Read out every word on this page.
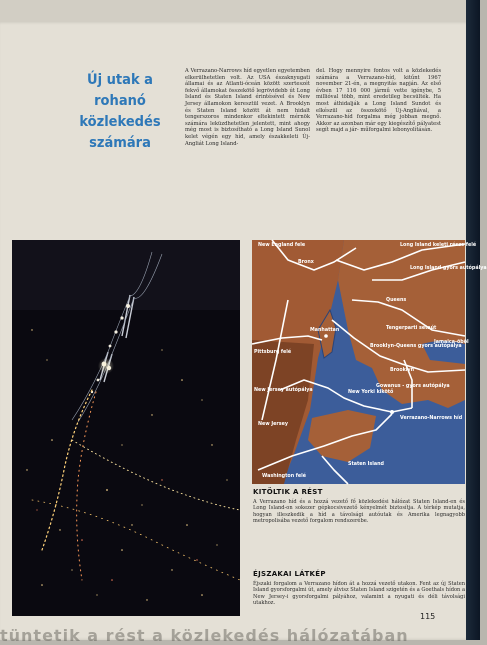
Új utak a rohanó közlekedés számára

A Verrazano-Narrows híd egyetlen egyetemben elkerülhetetlen volt. Az USA északnyugati államai és az Atlanti-óceán között szerteszét fekvő államokat összekötő legrövidebb út Long Island és Staten Island érintésével és New Jersey államokon keresztül vezet. A Brooklyn és Staten Island között át nem hidalt tengerszoros mindenkor eltekintett mérnök számára leküzdhetetlen jelentett, mint ahogy még most is biztosítható a Long Island Sunol kelet végén egy híd, amely északkeleti Új-Angliát Long Island-

del. Hogy mennyire fontos volt a közlekedés számára a Verrazano-híd, kitűnt 1967 november 21-én, a megnyitás napján. Az első évben 17 116 000 jármű vette igénybe, 5 millióval több, mint eredetileg becsülték. Ha most áthidalják a Long Island Sundot és elkészül az összekötő Új-Angliával, a Verrazano-híd forgalma még jobban megnő. Akkor az azonban már egy kiegészítő pályatest segít majd a jár- műforgalmi lebonyolításán.

New England fele	Long Island keleti része felé
Bronx
Long Island gyors autópálya
Queens
Manhattan	Tengerparti sétaút
Jamaica-öböl
Pittsburg felé
Brooklyn-Queens gyors autópálya
New Jersey autópálya
Brooklyn
Gowanus - gyors autópálya
New Yorki kikötő
New Jersey
Verrazano-Narrows híd
Staten Island
Washington felé
KITÖLTIK A RÉST

A Verrazano híd és a hozzá vezető fő közlekedési hálózat Staten Island-en és Long Island-on sokezer gépkocsivezető kényelmét biztosítja. A térkép mutatja, hogyan illeszkedik a híd a távolsági autóutak és Amerika legnagyobb metropolisába vezető forgalom rendszerébe.

ÉJSZAKAI LÁTKÉP

Éjszaki forgalom a Verrazano hídon át a hozzá vezető utakon. Fent az új Staten Island gyorsforgalmi út, amely átvisz Staten Island szigetén és a Goethals hídon a New Jersey-i gyorsforgalmi pályához, valamint a nyugati és déli távolsági utakhoz.

115
tüntetik a rést a közlekedés hálózatában
